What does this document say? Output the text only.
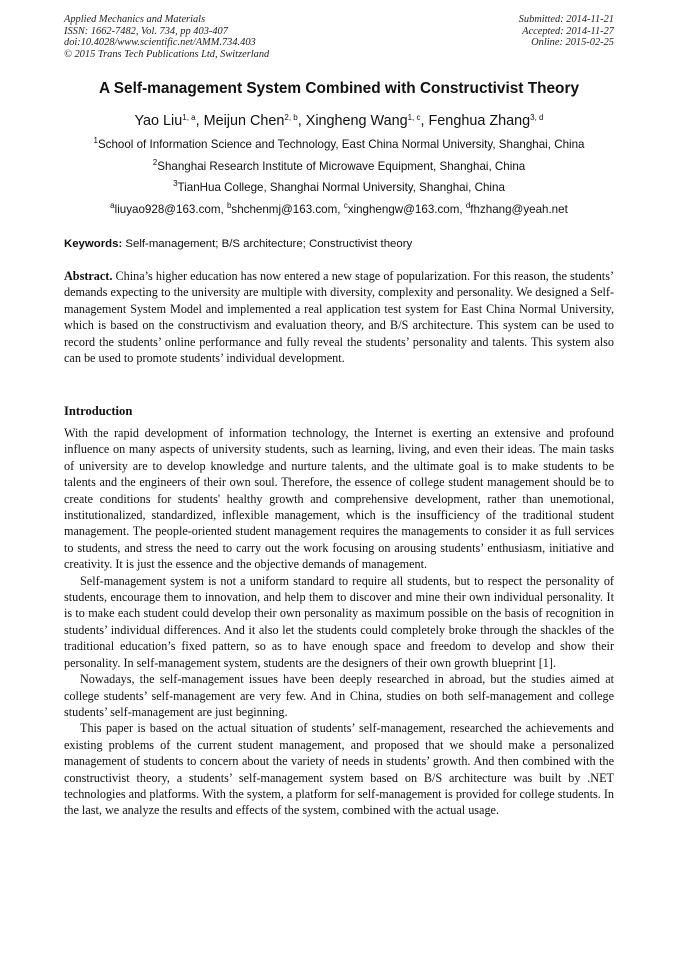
Applied Mechanics and Materials
ISSN: 1662-7482, Vol. 734, pp 403-407
doi:10.4028/www.scientific.net/AMM.734.403
© 2015 Trans Tech Publications Ltd, Switzerland
Submitted: 2014-11-21
Accepted: 2014-11-27
Online: 2015-02-25
A Self-management System Combined with Constructivist Theory
Yao Liu$^{1, a}$, Meijun Chen$^{2, b}$, Xingheng Wang$^{1, c}$, Fenghua Zhang$^{3, d}$
$^1$School of Information Science and Technology, East China Normal University, Shanghai, China
$^2$Shanghai Research Institute of Microwave Equipment, Shanghai, China
$^3$TianHua College, Shanghai Normal University, Shanghai, China
$^a$liuyao928@163.com, $^b$shchenmj@163.com, $^c$xinghengw@163.com, $^d$fhzhang@yeah.net
Keywords: Self-management; B/S architecture; Constructivist theory
Abstract. China’s higher education has now entered a new stage of popularization. For this reason, the students’ demands expecting to the university are multiple with diversity, complexity and personality. We designed a Self-management System Model and implemented a real application test system for East China Normal University, which is based on the constructivism and evaluation theory, and B/S architecture. This system can be used to record the students’ online performance and fully reveal the students’ personality and talents. This system also can be used to promote students’ individual development.
Introduction

With the rapid development of information technology, the Internet is exerting an extensive and profound influence on many aspects of university students, such as learning, living, and even their ideas. The main tasks of university are to develop knowledge and nurture talents, and the ultimate goal is to make students to be talents and the engineers of their own soul. Therefore, the essence of college student management should be to create conditions for students' healthy growth and comprehensive development, rather than unemotional, institutionalized, standardized, inflexible management, which is the insufficiency of the traditional student management. The people-oriented student management requires the managements to consider it as full services to students, and stress the need to carry out the work focusing on arousing students’ enthusiasm, initiative and creativity. It is just the essence and the objective demands of management.

Self-management system is not a uniform standard to require all students, but to respect the personality of students, encourage them to innovation, and help them to discover and mine their own individual personality. It is to make each student could develop their own personality as maximum possible on the basis of recognition in students’ individual differences. And it also let the students could completely broke through the shackles of the traditional education’s fixed pattern, so as to have enough space and freedom to develop and show their personality. In self-management system, students are the designers of their own growth blueprint [1].

Nowadays, the self-management issues have been deeply researched in abroad, but the studies aimed at college students’ self-management are very few. And in China, studies on both self-management and college students’ self-management are just beginning.

This paper is based on the actual situation of students’ self-management, researched the achievements and existing problems of the current student management, and proposed that we should make a personalized management of students to concern about the variety of needs in students’ growth. And then combined with the constructivist theory, a students’ self-management system based on B/S architecture was built by .NET technologies and platforms. With the system, a platform for self-management is provided for college students. In the last, we analyze the results and effects of the system, combined with the actual usage.
